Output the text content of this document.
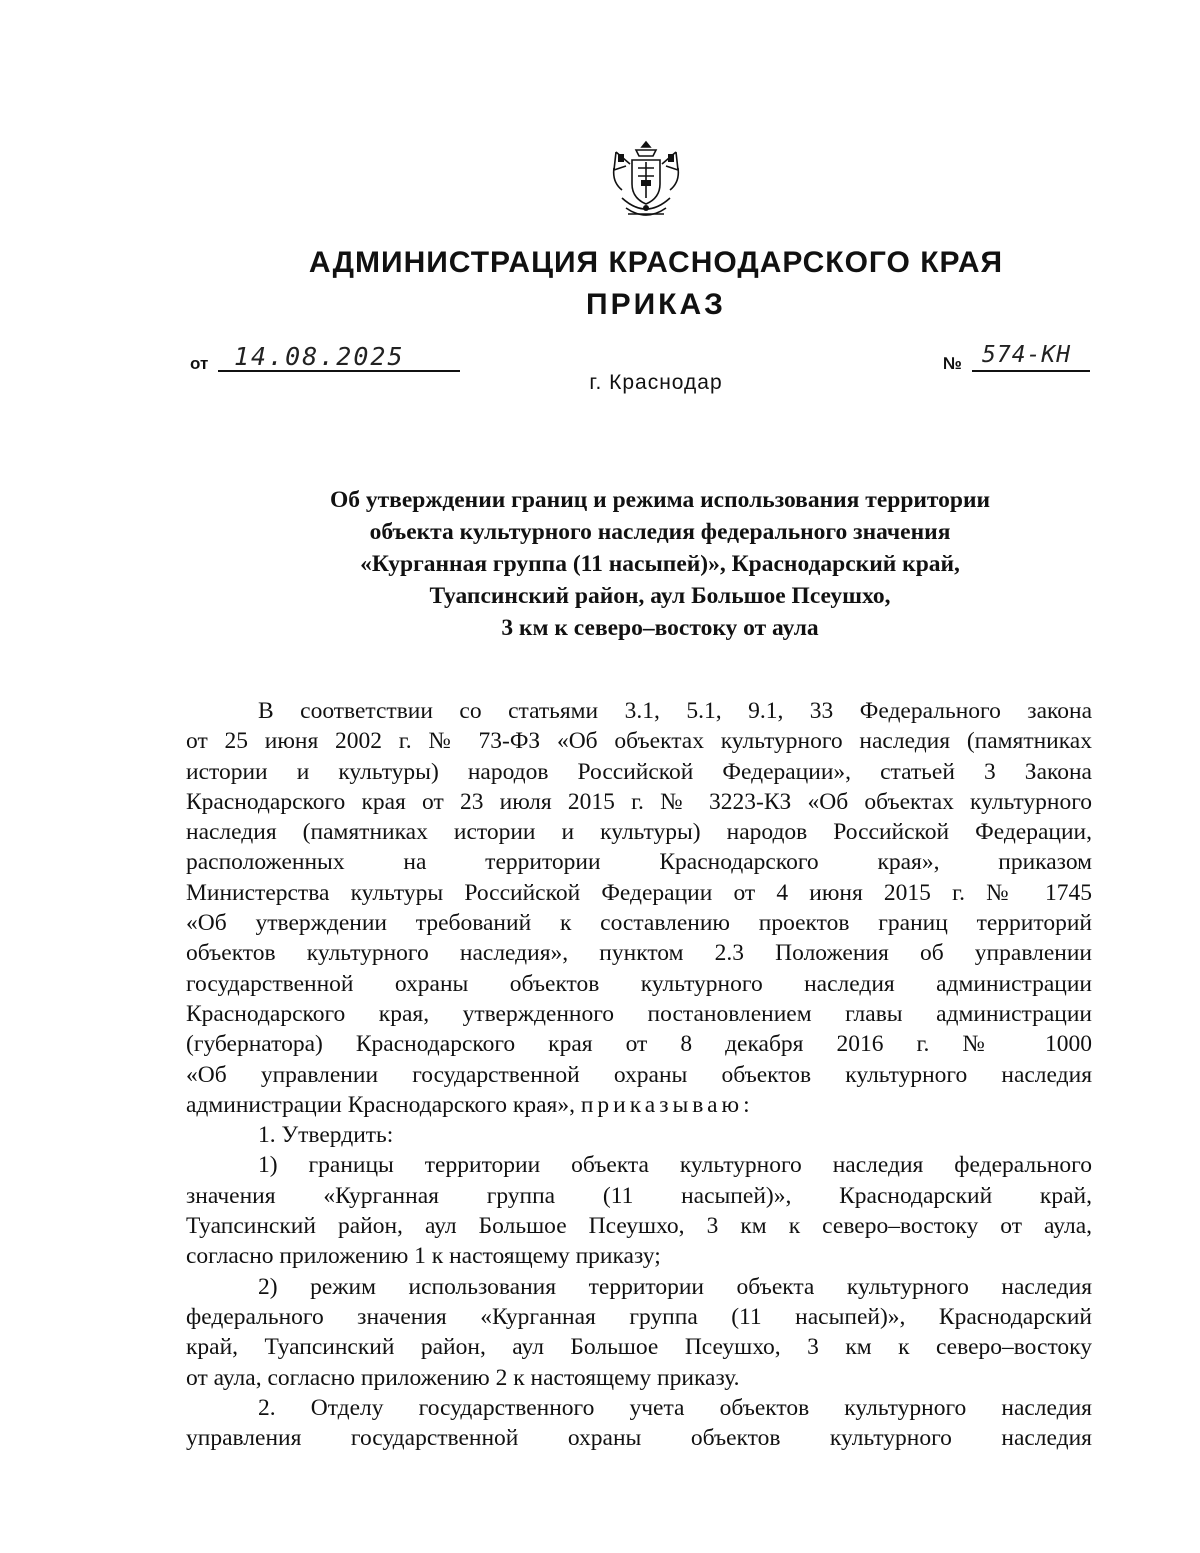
АДМИНИСТРАЦИЯ КРАСНОДАРСКОГО КРАЯ
ПРИКАЗ
от 14.08.2025	№ 574-КН
г. Краснодар
Об утверждении границ и режима использования территории
объекта культурного наследия федерального значения
«Курганная группа (11 насыпей)», Краснодарский край,
Туапсинский район, аул Большое Псеушхо,
3 км к северо–востоку от аула
В соответствии со статьями 3.1, 5.1, 9.1, 33 Федерального закона
от 25 июня 2002 г. № 73-ФЗ «Об объектах культурного наследия (памятниках
истории и культуры) народов Российской Федерации», статьей 3 Закона
Краснодарского края от 23 июля 2015 г. № 3223-КЗ «Об объектах культурного
наследия (памятниках истории и культуры) народов Российской Федерации,
расположенных на территории Краснодарского края», приказом
Министерства культуры Российской Федерации от 4 июня 2015 г. № 1745
«Об утверждении требований к составлению проектов границ территорий
объектов культурного наследия», пунктом 2.3 Положения об управлении
государственной охраны объектов культурного наследия администрации
Краснодарского края, утвержденного постановлением главы администрации
(губернатора) Краснодарского края от 8 декабря 2016 г. № 1000
«Об управлении государственной охраны объектов культурного наследия
администрации Краснодарского края», приказываю:
1. Утвердить:
1) границы территории объекта культурного наследия федерального
значения «Курганная группа (11 насыпей)», Краснодарский край,
Туапсинский район, аул Большое Псеушхо, 3 км к северо–востоку от аула,
согласно приложению 1 к настоящему приказу;
2) режим использования территории объекта культурного наследия
федерального значения «Курганная группа (11 насыпей)», Краснодарский
край, Туапсинский район, аул Большое Псеушхо, 3 км к северо–востоку
от аула, согласно приложению 2 к настоящему приказу.
2. Отделу государственного учета объектов культурного наследия
управления государственной охраны объектов культурного наследия
